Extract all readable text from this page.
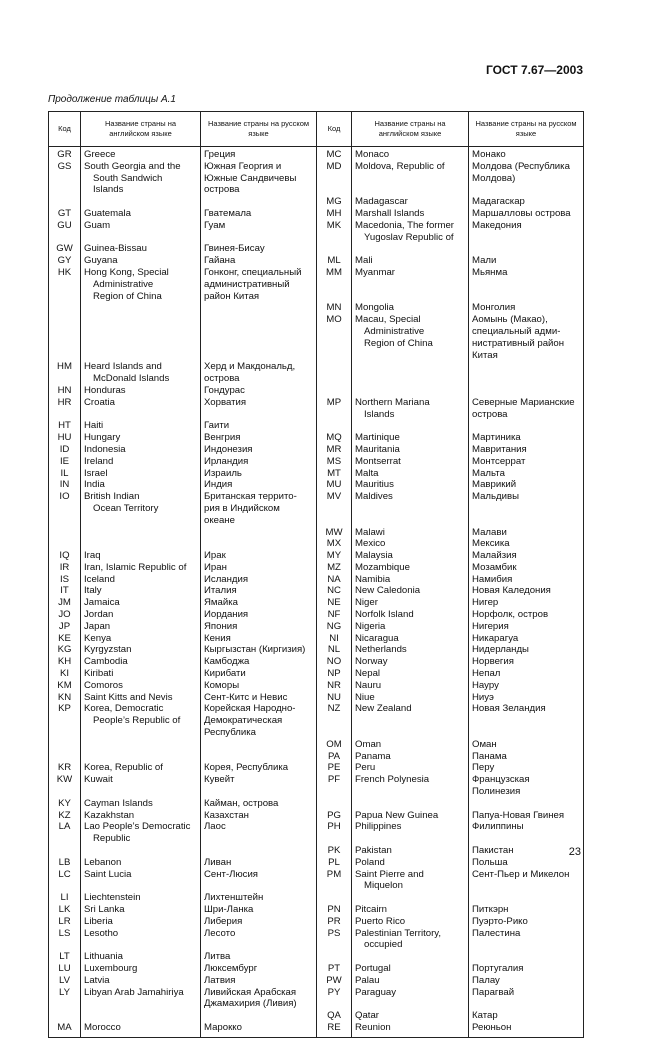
ГОСТ 7.67—2003
Продолжение таблицы А.1
Код	Название страны на английском языке	Название страны на русском языке	Код	Название страны на английском языке	Название страны на русском языке

GR	Greece	Греция	MC	Monaco	Монако

GS	South Georgia and the
South Sandwich
Islands	Южная Георгия и
Южные Сандвичевы
острова	MD	Moldova, Republic of	Молдова (Республика
Молдова)

			MG	Madagascar	Мадагаскар

GT	Guatemala	Гватемала	MH	Marshall Islands	Маршалловы острова

GU	Guam	Гуам	MK	Macedonia, The former
Yugoslav Republic of	Македония

GW	Guinea-Bissau	Гвинея-Бисау			

GY	Guyana	Гайана	ML	Mali	Мали

HK	Hong Kong, Special
Administrative
Region of China	Гонконг, специальный
административный
район Китая	MM	Myanmar	Мьянма

			MN	Mongolia	Монголия

			MO	Macau, Special
Administrative
Region of China	Аомынь (Макао),
специальный адми-
нистративный район
Китая

HM	Heard Islands and
McDonald Islands	Херд и Макдональд,
острова			

HN	Honduras	Гондурас			

HR	Croatia	Хорватия	MP	Northern Mariana
Islands	Северные Марианские
острова

HT	Haiti	Гаити			

HU	Hungary	Венгрия	MQ	Martinique	Мартиника

ID	Indonesia	Индонезия	MR	Mauritania	Мавритания

IE	Ireland	Ирландия	MS	Montserrat	Монтсеррат

IL	Israel	Израиль	MT	Malta	Мальта

IN	India	Индия	MU	Mauritius	Маврикий

IO	British Indian
Ocean Territory	Британская террито-
рия в Индийском
океане	MV	Maldives	Мальдивы

			MW	Malawi	Малави

			MX	Mexico	Мексика

IQ	Iraq	Ирак	MY	Malaysia	Малайзия

IR	Iran, Islamic Republic of	Иран	MZ	Mozambique	Мозамбик

IS	Iceland	Исландия	NA	Namibia	Намибия

IT	Italy	Италия	NC	New Caledonia	Новая Каледония

JM	Jamaica	Ямайка	NE	Niger	Нигер

JO	Jordan	Иордания	NF	Norfolk Island	Норфолк, остров

JP	Japan	Япония	NG	Nigeria	Нигерия

KE	Kenya	Кения	NI	Nicaragua	Никарагуа

KG	Kyrgyzstan	Кыргызстан (Киргизия)	NL	Netherlands	Нидерланды

KH	Cambodia	Камбоджа	NO	Norway	Норвегия

KI	Kiribati	Кирибати	NP	Nepal	Непал

KM	Comoros	Коморы	NR	Nauru	Науру

KN	Saint Kitts and Nevis	Сент-Китс и Невис	NU	Niue	Ниуэ

KP	Korea, Democratic
People’s Republic of	Корейская Народно-
Демократическая
Республика	NZ	New Zealand	Новая Зеландия

			OM	Oman	Оман

			PA	Panama	Панама

KR	Korea, Republic of	Корея, Республика	PE	Peru	Перу

KW	Kuwait	Кувейт	PF	French Polynesia	Французская
Полинезия

KY	Cayman Islands	Кайман, острова			

KZ	Kazakhstan	Казахстан	PG	Papua New Guinea	Папуа-Новая Гвинея

LA	Lao People’s Democratic
Republic	Лаос	PH	Philippines	Филиппины

			PK	Pakistan	Пакистан

LB	Lebanon	Ливан	PL	Poland	Польша

LC	Saint Lucia	Сент-Люсия	PM	Saint Pierre and
Miquelon	Сент-Пьер и Микелон

LI	Liechtenstein	Лихтенштейн			

LK	Sri Lanka	Шри-Ланка	PN	Pitcairn	Питкэрн

LR	Liberia	Либерия	PR	Puerto Rico	Пуэрто-Рико

LS	Lesotho	Лесото	PS	Palestinian Territory,
occupied	Палестина

LT	Lithuania	Литва			

LU	Luxembourg	Люксембург	PT	Portugal	Португалия

LV	Latvia	Латвия	PW	Palau	Палау

LY	Libyan Arab Jamahiriya	Ливийская Арабская
Джамахирия (Ливия)	PY	Paraguay	Парагвай

			QA	Qatar	Катар

MA	Morocco	Марокко	RE	Reunion	Реюньон
23
